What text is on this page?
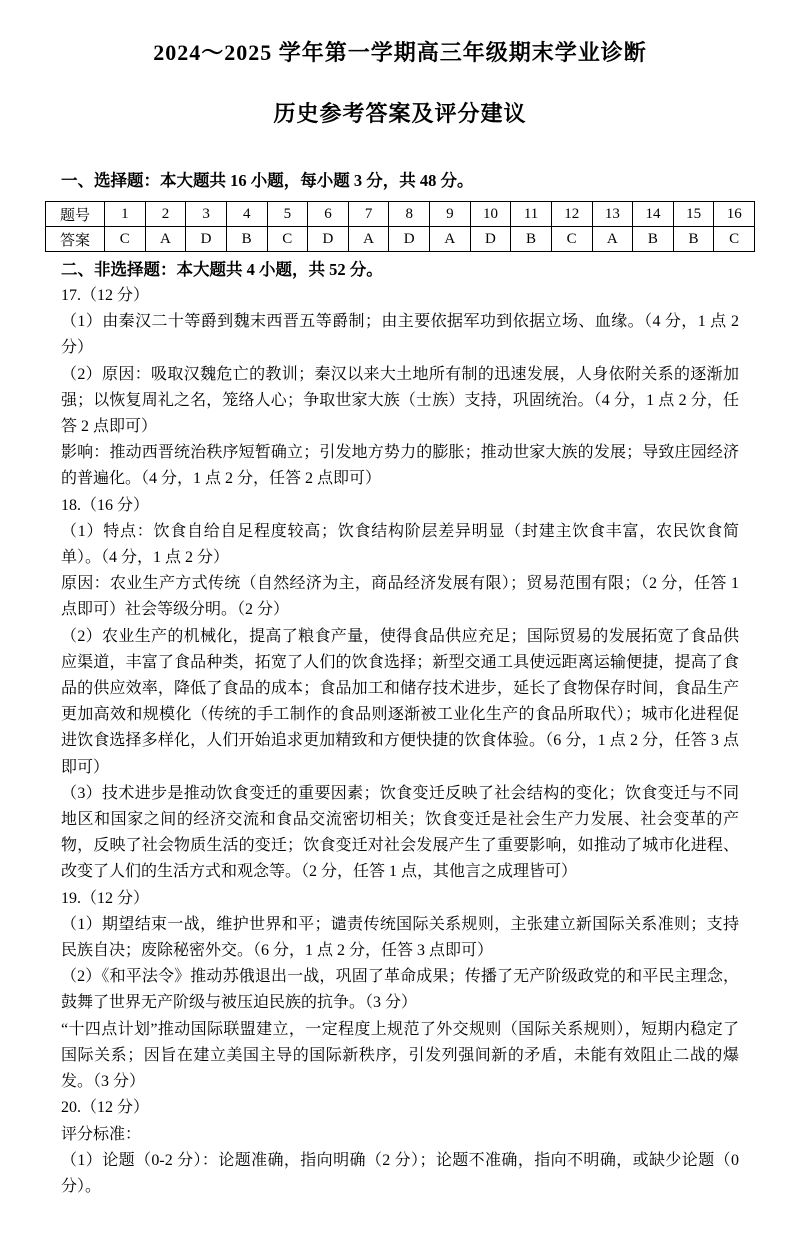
2024～2025 学年第一学期高三年级期末学业诊断
历史参考答案及评分建议

一、选择题：本大题共 16 小题，每小题 3 分，共 48 分。

题号	1	2	3	4	5	6	7	8	9	10	11	12	13	14	15	16
答案	C	A	D	B	C	D	A	D	A	D	B	C	A	B	B	C

二、非选择题：本大题共 4 小题，共 52 分。

17.（12 分）

（1）由秦汉二十等爵到魏末西晋五等爵制；由主要依据军功到依据立场、血缘。（4 分，1 点 2 分）

（2）原因：吸取汉魏危亡的教训；秦汉以来大土地所有制的迅速发展，人身依附关系的逐渐加强；以恢复周礼之名，笼络人心；争取世家大族（士族）支持，巩固统治。（4 分，1 点 2 分，任答 2 点即可）

影响：推动西晋统治秩序短暂确立；引发地方势力的膨胀；推动世家大族的发展；导致庄园经济的普遍化。（4 分，1 点 2 分，任答 2 点即可）

18.（16 分）

（1）特点：饮食自给自足程度较高；饮食结构阶层差异明显（封建主饮食丰富，农民饮食简单）。（4 分，1 点 2 分）

原因：农业生产方式传统（自然经济为主，商品经济发展有限）；贸易范围有限；（2 分，任答 1 点即可）社会等级分明。（2 分）

（2）农业生产的机械化，提高了粮食产量，使得食品供应充足；国际贸易的发展拓宽了食品供应渠道，丰富了食品种类，拓宽了人们的饮食选择；新型交通工具使远距离运输便捷，提高了食品的供应效率，降低了食品的成本；食品加工和储存技术进步，延长了食物保存时间，食品生产更加高效和规模化（传统的手工制作的食品则逐渐被工业化生产的食品所取代）；城市化进程促进饮食选择多样化，人们开始追求更加精致和方便快捷的饮食体验。（6 分，1 点 2 分，任答 3 点即可）

（3）技术进步是推动饮食变迁的重要因素；饮食变迁反映了社会结构的变化；饮食变迁与不同地区和国家之间的经济交流和食品交流密切相关；饮食变迁是社会生产力发展、社会变革的产物，反映了社会物质生活的变迁；饮食变迁对社会发展产生了重要影响，如推动了城市化进程、改变了人们的生活方式和观念等。（2 分，任答 1 点，其他言之成理皆可）

19.（12 分）

（1）期望结束一战，维护世界和平；谴责传统国际关系规则，主张建立新国际关系准则；支持民族自决；废除秘密外交。（6 分，1 点 2 分，任答 3 点即可）

（2）《和平法令》推动苏俄退出一战，巩固了革命成果；传播了无产阶级政党的和平民主理念，鼓舞了世界无产阶级与被压迫民族的抗争。（3 分）

“十四点计划”推动国际联盟建立，一定程度上规范了外交规则（国际关系规则），短期内稳定了国际关系；因旨在建立美国主导的国际新秩序，引发列强间新的矛盾，未能有效阻止二战的爆发。（3 分）

20.（12 分）

评分标准：

（1）论题（0-2 分）：论题准确，指向明确（2 分）；论题不准确，指向不明确，或缺少论题（0 分）。
